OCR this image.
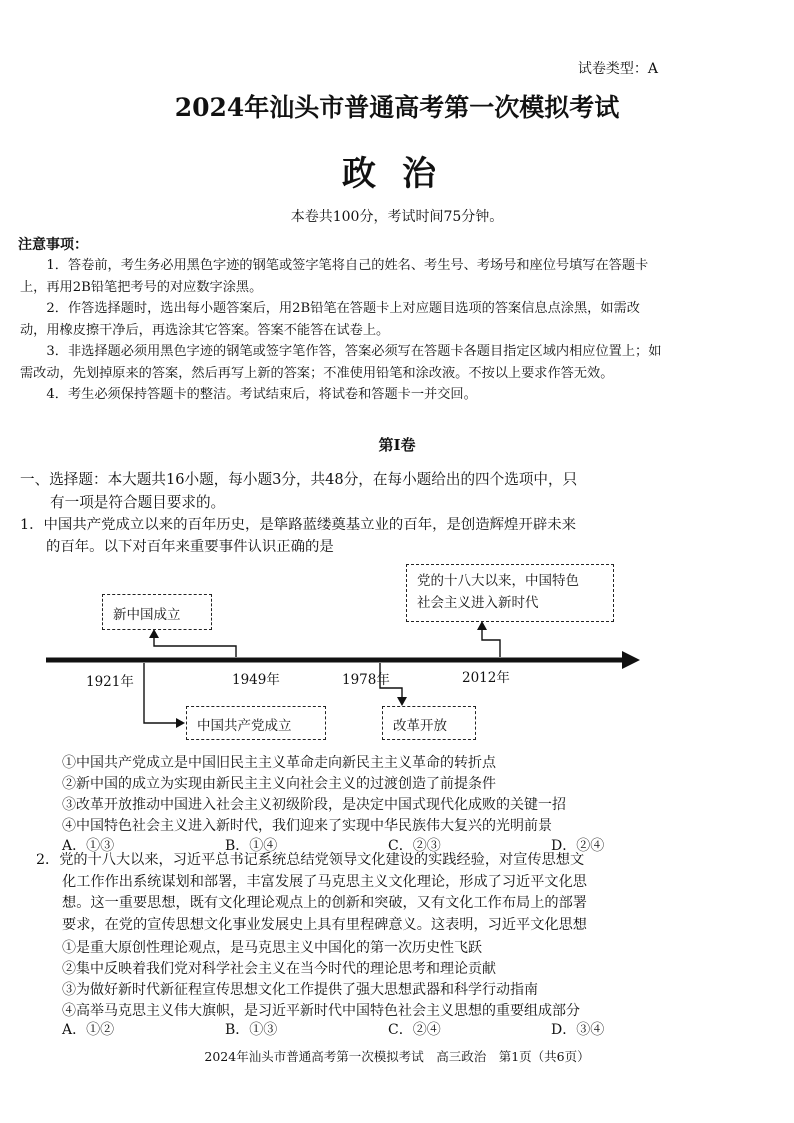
试卷类型：A
2024年汕头市普通高考第一次模拟考试
政治
本卷共100分，考试时间75分钟。
注意事项：

1．答卷前，考生务必用黑色字迹的钢笔或签字笔将自己的姓名、考生号、考场号和座位号填写在答题卡上，再用2B铅笔把考号的对应数字涂黑。

2．作答选择题时，选出每小题答案后，用2B铅笔在答题卡上对应题目选项的答案信息点涂黑，如需改动，用橡皮擦干净后，再选涂其它答案。答案不能答在试卷上。

3．非选择题必须用黑色字迹的钢笔或签字笔作答，答案必须写在答题卡各题目指定区域内相应位置上；如需改动，先划掉原来的答案，然后再写上新的答案；不准使用铅笔和涂改液。不按以上要求作答无效。

4．考生必须保持答题卡的整洁。考试结束后，将试卷和答题卡一并交回。

第Ⅰ卷
一、选择题：本大题共16小题，每小题3分，共48分，在每小题给出的四个选项中，只
有一项是符合题目要求的。
1．中国共产党成立以来的百年历史，是筚路蓝缕奠基立业的百年，是创造辉煌开辟未来
的百年。以下对百年来重要事件认识正确的是
1921年	1949年	1978年	2012年
中国共产党成立
新中国成立
改革开放
党的十八大以来，中国特色
社会主义进入新时代
①中国共产党成立是中国旧民主主义革命走向新民主主义革命的转折点
②新中国的成立为实现由新民主主义向社会主义的过渡创造了前提条件
③改革开放推动中国进入社会主义初级阶段，是决定中国式现代化成败的关键一招
④中国特色社会主义进入新时代，我们迎来了实现中华民族伟大复兴的光明前景
A．①③	B．①④	C．②③	D．②④
2．党的十八大以来，习近平总书记系统总结党领导文化建设的实践经验，对宣传思想文
化工作作出系统谋划和部署，丰富发展了马克思主义文化理论，形成了习近平文化思
想。这一重要思想，既有文化理论观点上的创新和突破，又有文化工作布局上的部署
要求，在党的宣传思想文化事业发展史上具有里程碑意义。这表明，习近平文化思想
①是重大原创性理论观点，是马克思主义中国化的第一次历史性飞跃
②集中反映着我们党对科学社会主义在当今时代的理论思考和理论贡献
③为做好新时代新征程宣传思想文化工作提供了强大思想武器和科学行动指南
④高举马克思主义伟大旗帜，是习近平新时代中国特色社会主义思想的重要组成部分
A．①②	B．①③	C．②④	D．③④
2024年汕头市普通高考第一次模拟考试　高三政治　第1页（共6页）
